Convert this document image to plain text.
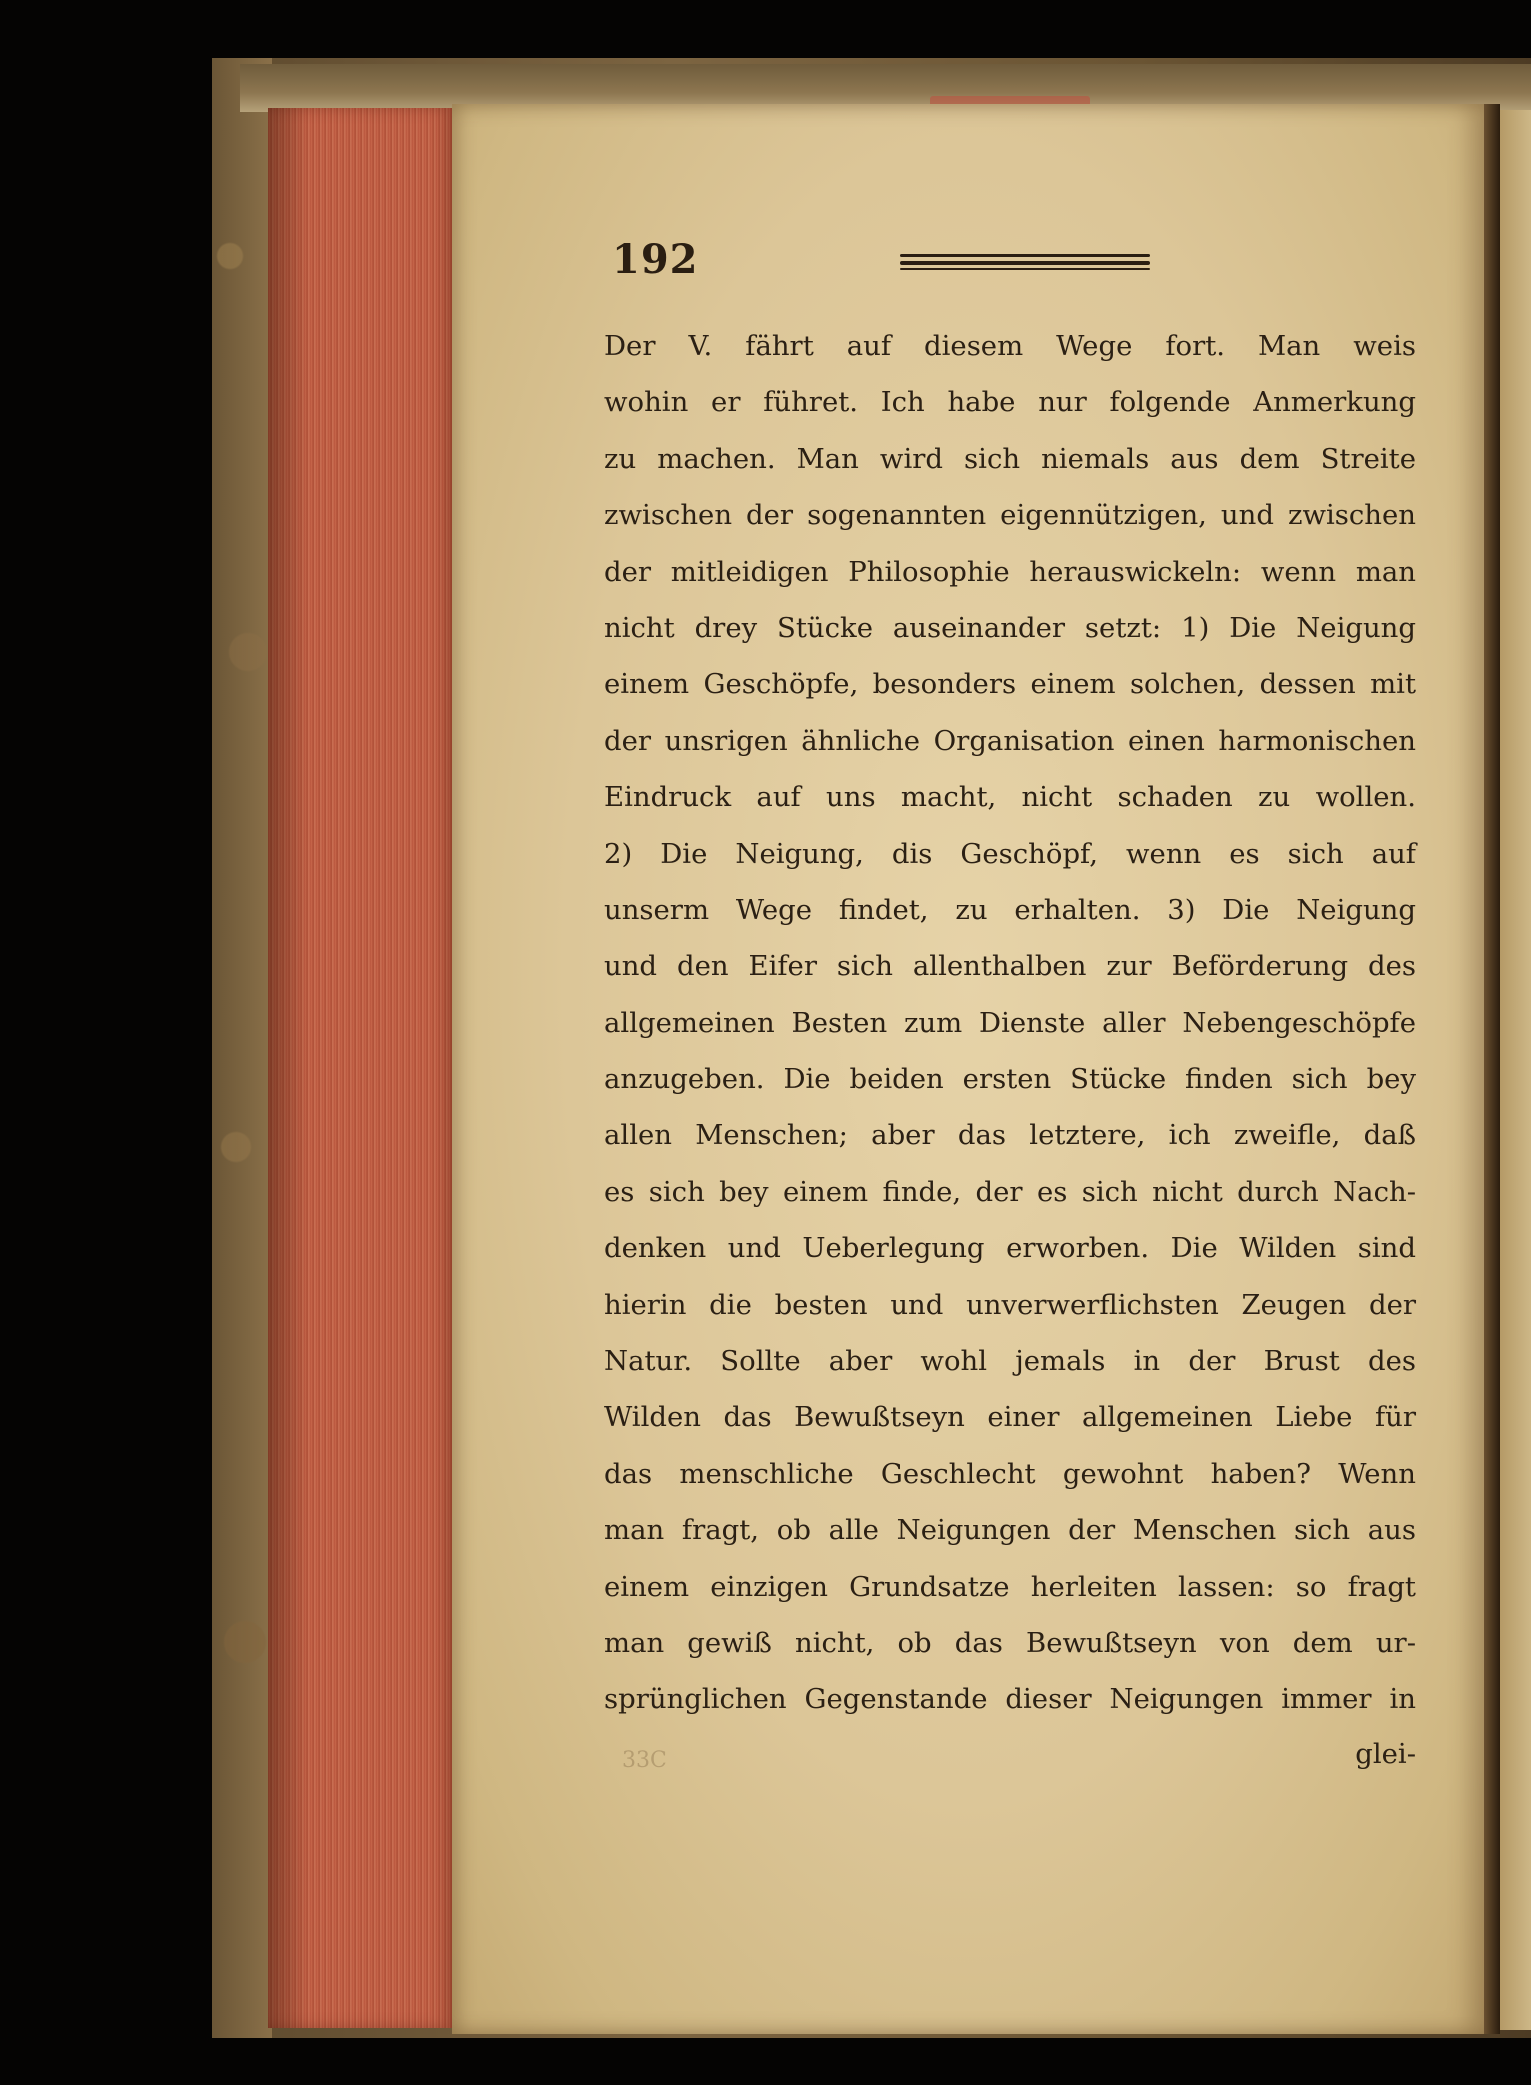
192
Der V. fährt auf diesem Wege fort. Man weis
wohin er führet. Ich habe nur folgende Anmerkung
zu machen. Man wird sich niemals aus dem Streite
zwischen der sogenannten eigennützigen, und zwischen
der mitleidigen Philosophie herauswickeln: wenn man
nicht drey Stücke auseinander setzt: 1) Die Neigung
einem Geschöpfe, besonders einem solchen, dessen mit
der unsrigen ähnliche Organisation einen harmonischen
Eindruck auf uns macht, nicht schaden zu wollen.
2) Die Neigung, dis Geschöpf, wenn es sich auf
unserm Wege findet, zu erhalten. 3) Die Neigung
und den Eifer sich allenthalben zur Beförderung des
allgemeinen Besten zum Dienste aller Nebengeschöpfe
anzugeben. Die beiden ersten Stücke finden sich bey
allen Menschen; aber das letztere, ich zweifle, daß
es sich bey einem finde, der es sich nicht durch Nach-
denken und Ueberlegung erworben. Die Wilden sind
hierin die besten und unverwerflichsten Zeugen der
Natur. Sollte aber wohl jemals in der Brust des
Wilden das Bewußtseyn einer allgemeinen Liebe für
das menschliche Geschlecht gewohnt haben? Wenn
man fragt, ob alle Neigungen der Menschen sich aus
einem einzigen Grundsatze herleiten lassen: so fragt
man gewiß nicht, ob das Bewußtseyn von dem ur-
sprünglichen Gegenstande dieser Neigungen immer in
33C	glei-
